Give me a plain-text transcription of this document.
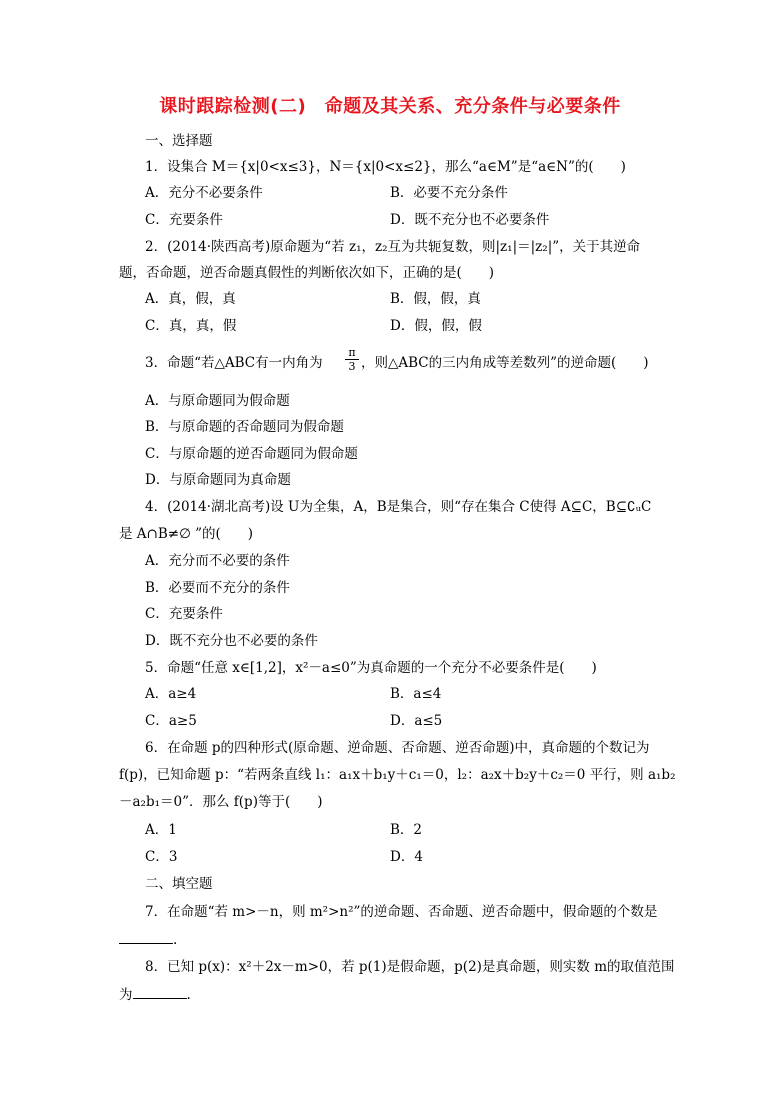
课时跟踪检测(二)　命题及其关系、充分条件与必要条件
一、选择题
1．设集合 M＝{x|0<x≤3}，N＝{x|0<x≤2}，那么“a∈M”是“a∈N”的(　　)
A．充分不必要条件	B．必要不充分条件
C．充要条件	D．既不充分也不必要条件
2．(2014·陕西高考)原命题为“若 z₁，z₂互为共轭复数，则|z₁|＝|z₂|”，关于其逆命
题，否命题，逆否命题真假性的判断依次如下，正确的是(　　)
A．真，假，真	B．假，假，真
C．真，真，假	D．假，假，假
3．命题“若△ABC有一内角为 $\frac{\pi}{3}$ ，则△ABC的三内角成等差数列”的逆命题(　　)
A．与原命题同为假命题
B．与原命题的否命题同为假命题
C．与原命题的逆否命题同为假命题
D．与原命题同为真命题
4．(2014·湖北高考)设 U为全集，A，B是集合，则“存在集合 C使得 A⊆C，B⊆∁ᵤC
是 A∩B≠∅ ”的(　　)
A．充分而不必要的条件
B．必要而不充分的条件
C．充要条件
D．既不充分也不必要的条件
5．命题“任意 x∈[1,2]，x²－a≤0”为真命题的一个充分不必要条件是(　　)
A．a≥4	B．a≤4
C．a≥5	D．a≤5
6．在命题 p的四种形式(原命题、逆命题、否命题、逆否命题)中，真命题的个数记为
f(p)，已知命题 p：“若两条直线 l₁：a₁x＋b₁y＋c₁＝0，l₂：a₂x＋b₂y＋c₂＝0 平行，则 a₁b₂
－a₂b₁＝0”．那么 f(p)等于(　　)
A．1	B．2
C．3	D．4
二、填空题
7．在命题“若 m>－n，则 m²>n²”的逆命题、否命题、逆否命题中，假命题的个数是
.
8．已知 p(x)：x²＋2x－m>0，若 p(1)是假命题，p(2)是真命题，则实数 m的取值范围
为	.
